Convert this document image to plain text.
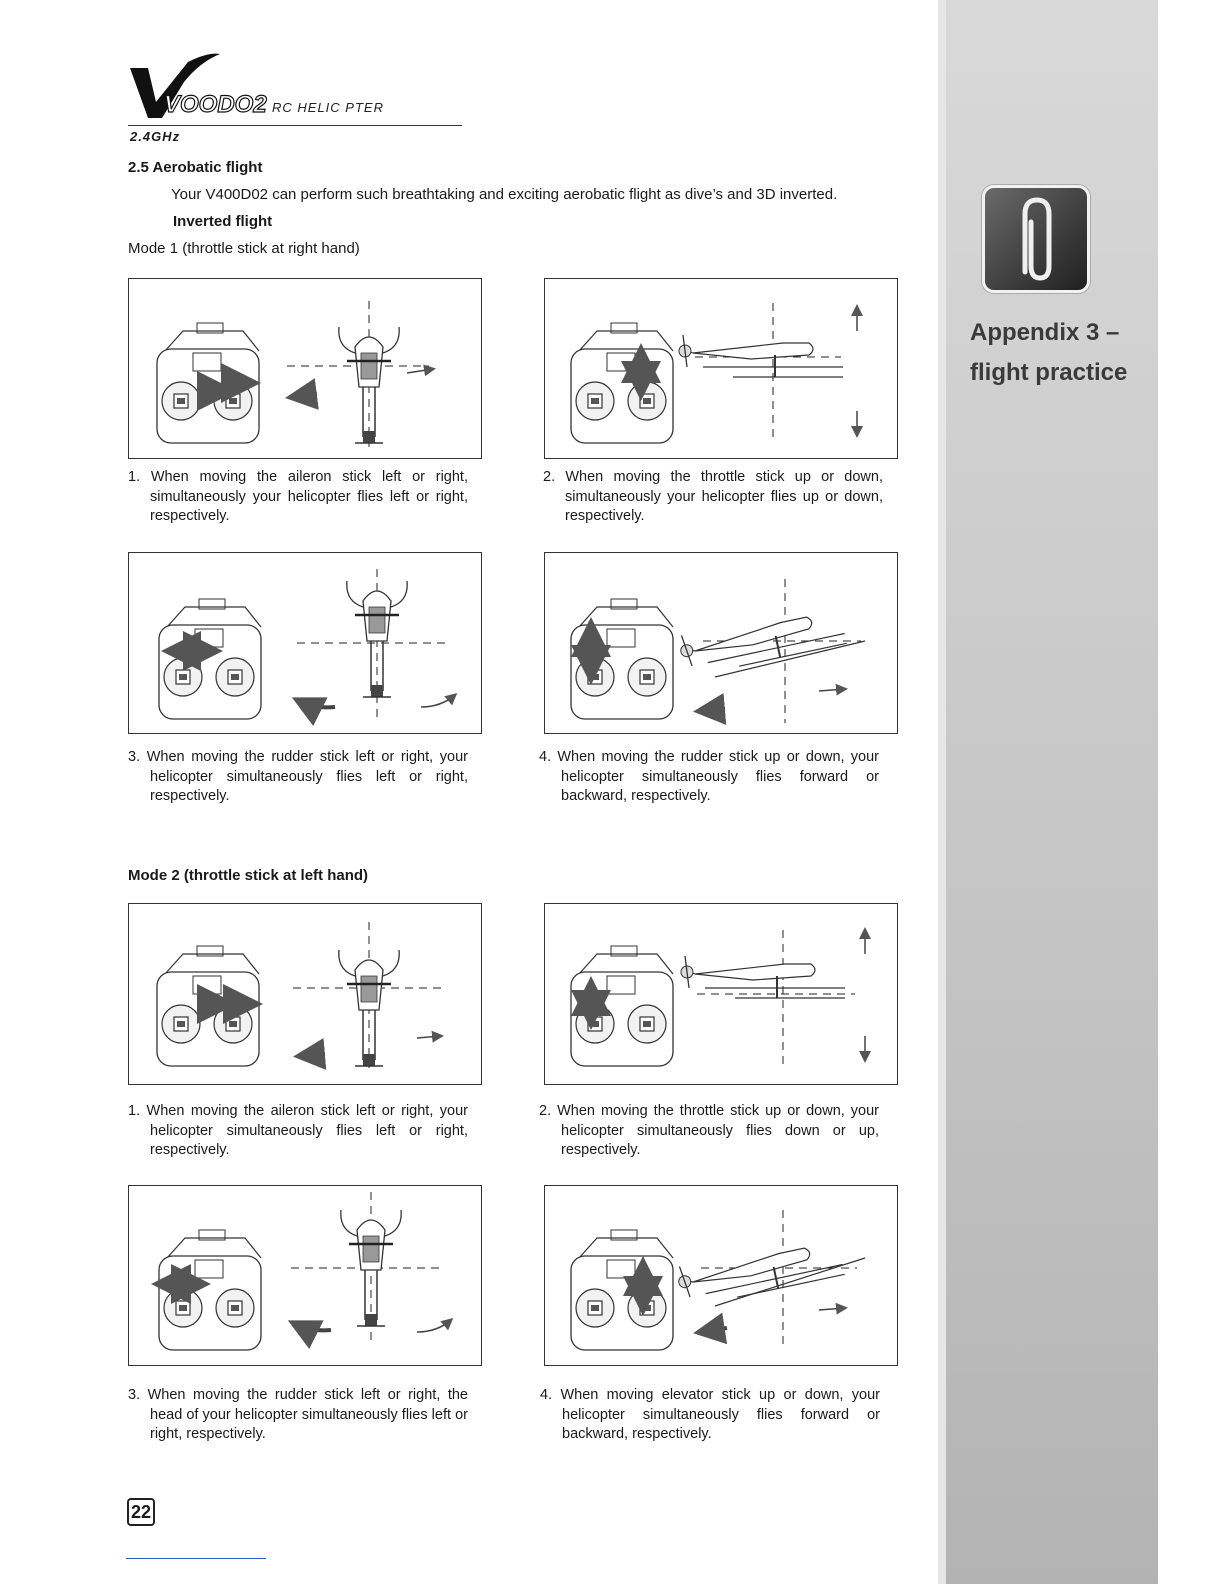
Appendix 3 – flight practice
VOODO2 RC HELIC PTER
2.4GHz
2.5 Aerobatic flight
Your V400D02 can perform such breathtaking and exciting aerobatic flight as dive’s and 3D inverted.
Inverted flight
Mode 1 (throttle stick at right hand)
1. When moving the aileron stick left or right, simultaneously your helicopter flies left or right, respectively.
2. When moving the throttle stick up or down, simultaneously your helicopter flies up or down, respectively.
3. When moving the rudder stick left or right, your helicopter simultaneously flies left or right, respectively.
4. When moving the rudder stick up or down, your helicopter simultaneously flies forward or backward, respectively.
Mode 2 (throttle stick at left hand)
1. When moving the aileron stick left or right, your helicopter simultaneously flies left or right, respectively.
2. When moving the throttle stick up or down, your helicopter simultaneously flies down or up, respectively.
3. When moving the rudder stick left or right, the head of your helicopter simultaneously flies left or right, respectively.
4. When moving elevator stick up or down, your helicopter simultaneously flies forward or backward, respectively.
22
